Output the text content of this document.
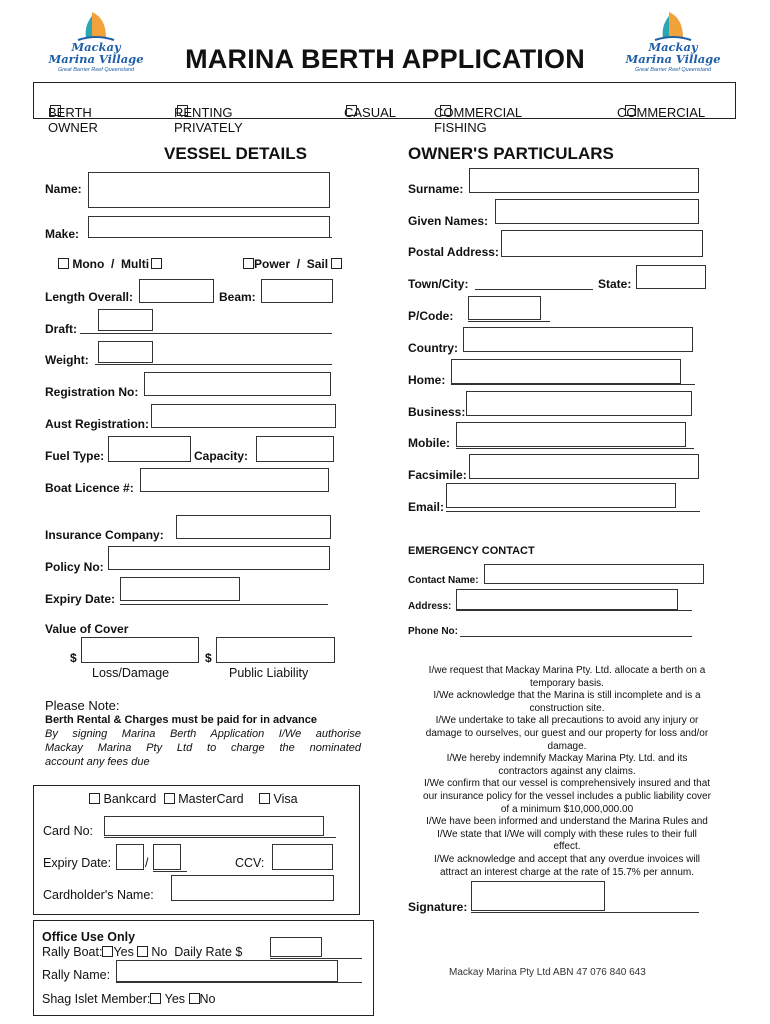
Mackay
Marina Village
Great Barrier Reef Queensland
Mackay
Marina Village
Great Barrier Reef Queensland
MARINA BERTH APPLICATION
BERTH OWNER
RENTING PRIVATELY
CASUAL	COMMERCIAL FISHING
COMMERCIAL
VESSEL DETAILS
Name:
Make:
Mono / Multi	Power / Sail
Length Overall:	Beam:
Draft:
Weight:
Registration No:
Aust Registration:
Fuel Type:	Capacity:
Boat Licence #:
Insurance Company:
Policy No:
Expiry Date:
Value of Cover
$	$
Loss/Damage	Public Liability
Please Note:
Berth Rental & Charges must be paid for in advance
By signing Marina Berth Application I/We authorise
Mackay Marina Pty Ltd to charge the nominated
account any fees due
Bankcard MasterCard Visa
Card No:
Expiry Date:	/	CCV:
Cardholder's Name:
Office Use Only
Rally Boat: Yes No Daily Rate $
Rally Name:
Shag Islet Member: Yes No
OWNER'S PARTICULARS
Surname:
Given Names:
Postal Address:
Town/City:	State:
P/Code:
Country:
Home:
Business:
Mobile:
Facsimile:
Email:
EMERGENCY CONTACT
Contact Name:
Address:
Phone No:
I/we request that Mackay Marina Pty. Ltd. allocate a berth on a
temporary basis.
I/We acknowledge that the Marina is still incomplete and is a
construction site.
I/We undertake to take all precautions to avoid any injury or
damage to ourselves, our guest and our property for loss and/or
damage.
I/We hereby indemnify Mackay Marina Pty. Ltd. and its
contractors against any claims.
I/We confirm that our vessel is comprehensively insured and that
our insurance policy for the vessel includes a public liability cover
of a minimum $10,000,000.00
I/We have been informed and understand the Marina Rules and
I/We state that I/We will comply with these rules to their full
effect.
I/We acknowledge and accept that any overdue invoices will
attract an interest charge at the rate of 15.7% per annum.
Signature:
Mackay Marina Pty Ltd ABN 47 076 840 643
